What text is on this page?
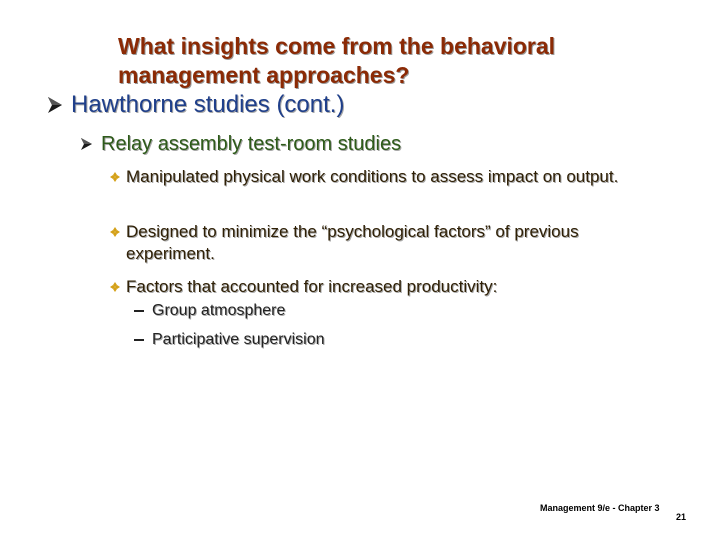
What insights come from the behavioral management approaches?
Hawthorne studies (cont.)
Relay assembly test-room studies
Manipulated physical work conditions to assess impact on output.
Designed to minimize the “psychological factors” of previous experiment.
Factors that accounted for increased productivity:
Group atmosphere
Participative supervision
Management 9/e - Chapter 3
21
